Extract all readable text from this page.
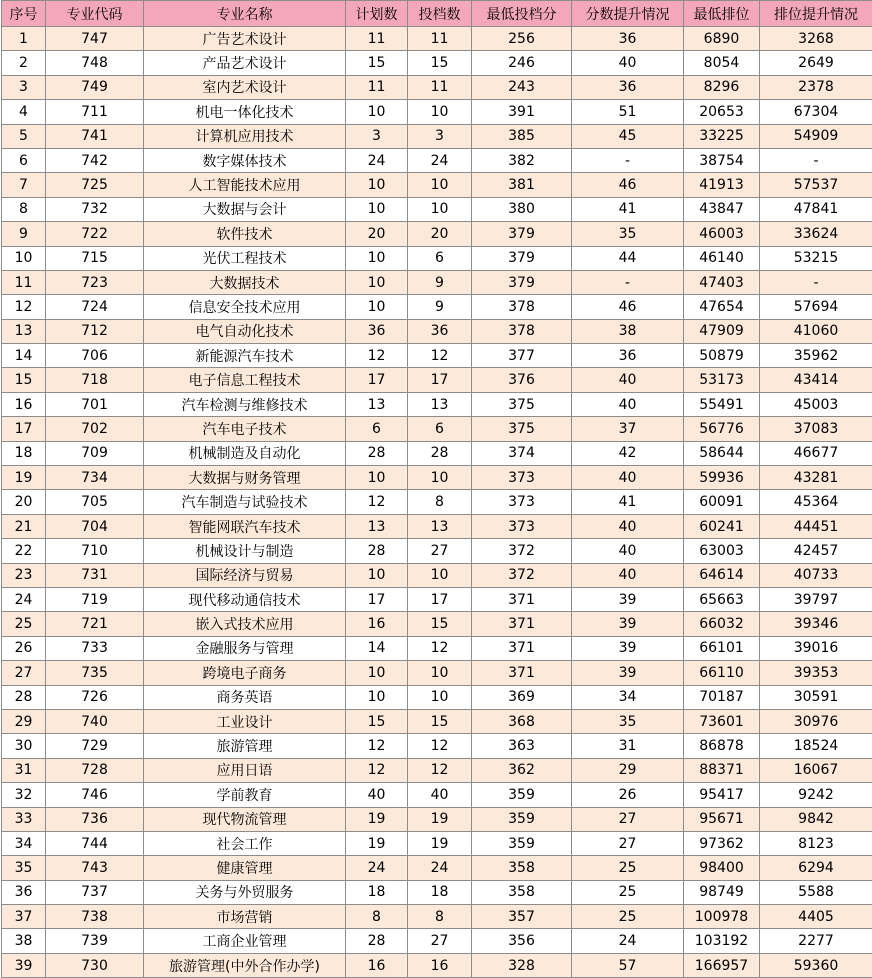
序号	专业代码	专业名称	计划数	投档数	最低投档分	分数提升情况	最低排位	排位提升情况
1	747	广告艺术设计	11	11	256	36	6890	3268
2	748	产品艺术设计	15	15	246	40	8054	2649
3	749	室内艺术设计	11	11	243	36	8296	2378
4	711	机电一体化技术	10	10	391	51	20653	67304
5	741	计算机应用技术	3	3	385	45	33225	54909
6	742	数字媒体技术	24	24	382	-	38754	-
7	725	人工智能技术应用	10	10	381	46	41913	57537
8	732	大数据与会计	10	10	380	41	43847	47841
9	722	软件技术	20	20	379	35	46003	33624
10	715	光伏工程技术	10	6	379	44	46140	53215
11	723	大数据技术	10	9	379	-	47403	-
12	724	信息安全技术应用	10	9	378	46	47654	57694
13	712	电气自动化技术	36	36	378	38	47909	41060
14	706	新能源汽车技术	12	12	377	36	50879	35962
15	718	电子信息工程技术	17	17	376	40	53173	43414
16	701	汽车检测与维修技术	13	13	375	40	55491	45003
17	702	汽车电子技术	6	6	375	37	56776	37083
18	709	机械制造及自动化	28	28	374	42	58644	46677
19	734	大数据与财务管理	10	10	373	40	59936	43281
20	705	汽车制造与试验技术	12	8	373	41	60091	45364
21	704	智能网联汽车技术	13	13	373	40	60241	44451
22	710	机械设计与制造	28	27	372	40	63003	42457
23	731	国际经济与贸易	10	10	372	40	64614	40733
24	719	现代移动通信技术	17	17	371	39	65663	39797
25	721	嵌入式技术应用	16	15	371	39	66032	39346
26	733	金融服务与管理	14	12	371	39	66101	39016
27	735	跨境电子商务	10	10	371	39	66110	39353
28	726	商务英语	10	10	369	34	70187	30591
29	740	工业设计	15	15	368	35	73601	30976
30	729	旅游管理	12	12	363	31	86878	18524
31	728	应用日语	12	12	362	29	88371	16067
32	746	学前教育	40	40	359	26	95417	9242
33	736	现代物流管理	19	19	359	27	95671	9842
34	744	社会工作	19	19	359	27	97362	8123
35	743	健康管理	24	24	358	25	98400	6294
36	737	关务与外贸服务	18	18	358	25	98749	5588
37	738	市场营销	8	8	357	25	100978	4405
38	739	工商企业管理	28	27	356	24	103192	2277
39	730	旅游管理(中外合作办学)	16	16	328	57	166957	59360
